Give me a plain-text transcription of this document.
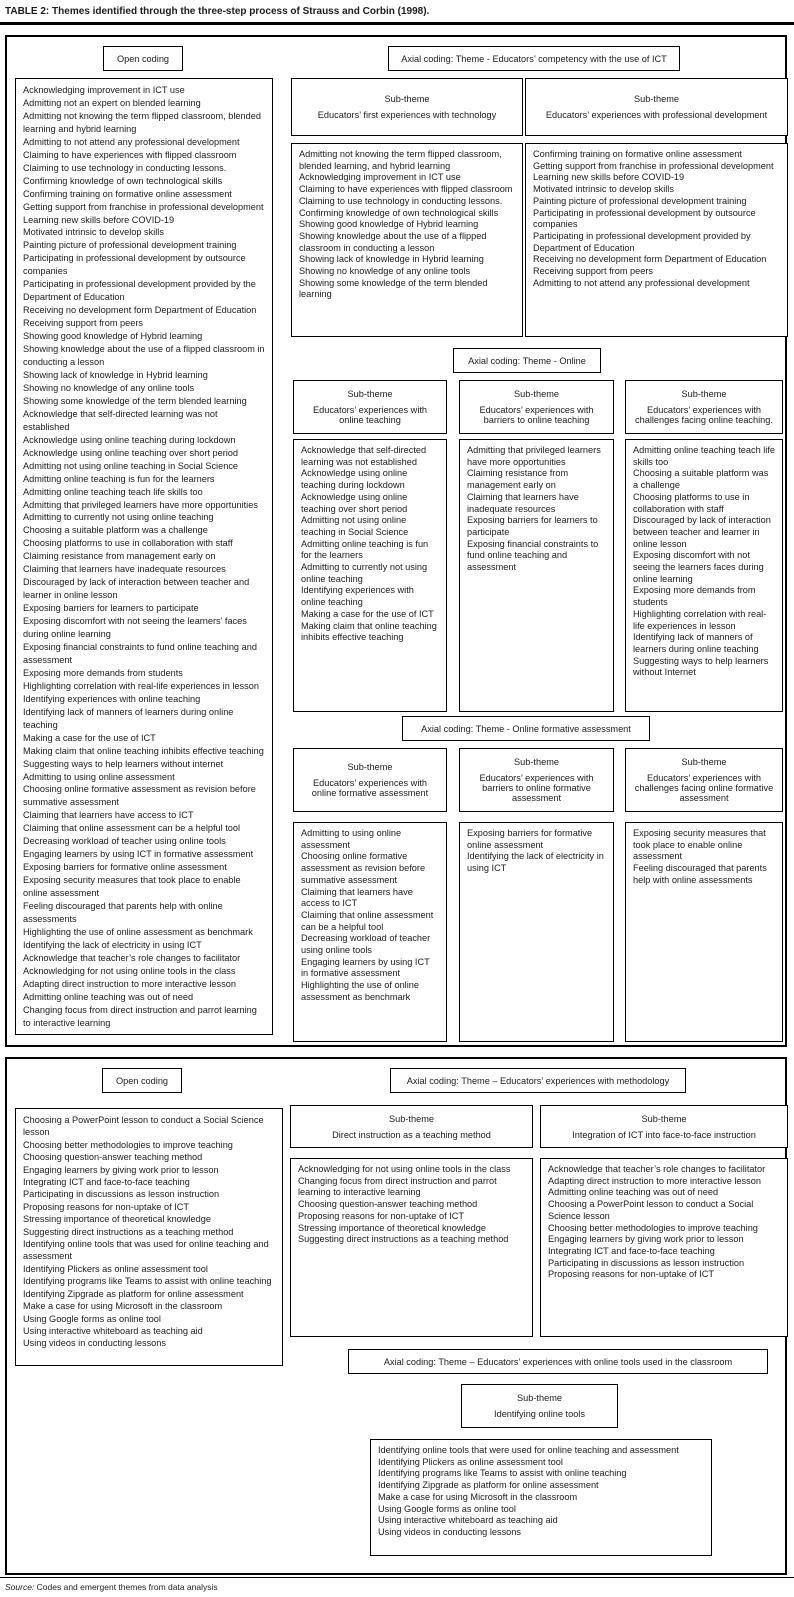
TABLE 2: Themes identified through the three-step process of Strauss and Corbin (1998).
Open coding	Axial coding: Theme - Educators’ competency with the use of ICT
Acknowledging improvement in ICT use
Admitting not an expert on blended learning
Admitting not knowing the term flipped classroom, blended learning and hybrid learning
Admitting to not attend any professional development
Claiming to have experiences with flipped classroom
Claiming to use technology in conducting lessons.
Confirming knowledge of own technological skills
Confirming training on formative online assessment
Getting support from franchise in professional development
Learning new skills before COVID-19
Motivated intrinsic to develop skills
Painting picture of professional development training
Participating in professional development by outsource companies
Participating in professional development provided by the Department of Education
Receiving no development form Department of Education
Receiving support from peers
Showing good knowledge of Hybrid learning
Showing knowledge about the use of a flipped classroom in conducting a lesson
Showing lack of knowledge in Hybrid learning
Showing no knowledge of any online tools
Showing some knowledge of the term blended learning
Acknowledge that self-directed learning was not established
Acknowledge using online teaching during lockdown
Acknowledge using online teaching over short period
Admitting not using online teaching in Social Science
Admitting online teaching is fun for the learners
Admitting online teaching teach life skills too
Admitting that privileged learners have more opportunities
Admitting to currently not using online teaching
Choosing a suitable platform was a challenge
Choosing platforms to use in collaboration with staff
Claiming resistance from management early on
Claiming that learners have inadequate resources
Discouraged by lack of interaction between teacher and learner in online lesson
Exposing barriers for learners to participate
Exposing discomfort with not seeing the learners’ faces during online learning
Exposing financial constraints to fund online teaching and assessment
Exposing more demands from students
Highlighting correlation with real-life experiences in lesson
Identifying experiences with online teaching
Identifying lack of manners of learners during online teaching
Making a case for the use of ICT
Making claim that online teaching inhibits effective teaching
Suggesting ways to help learners without internet
Admitting to using online assessment
Choosing online formative assessment as revision before summative assessment
Claiming that learners have access to ICT
Claiming that online assessment can be a helpful tool
Decreasing workload of teacher using online tools
Engaging learners by using ICT in formative assessment
Exposing barriers for formative online assessment
Exposing security measures that took place to enable online assessment
Feeling discouraged that parents help with online assessments
Highlighting the use of online assessment as benchmark
Identifying the lack of electricity in using ICT
Acknowledge that teacher’s role changes to facilitator
Acknowledging for not using online tools in the class
Adapting direct instruction to more interactive lesson
Admitting online teaching was out of need
Changing focus from direct instruction and parrot learning to interactive learning
Sub-theme
Educators’ first experiences with technology
Sub-theme
Educators’ experiences with professional development
Admitting not knowing the term flipped classroom, blended learning, and hybrid learning
Acknowledging improvement in ICT use
Claiming to have experiences with flipped classroom
Claiming to use technology in conducting lessons.
Confirming knowledge of own technological skills
Showing good knowledge of Hybrid learning
Showing knowledge about the use of a flipped classroom in conducting a lesson
Showing lack of knowledge in Hybrid learning
Showing no knowledge of any online tools
Showing some knowledge of the term blended learning
Confirming training on formative online assessment
Getting support from franchise in professional development
Learning new skills before COVID-19
Motivated intrinsic to develop skills
Painting picture of professional development training
Participating in professional development by outsource companies
Participating in professional development provided by Department of Education
Receiving no development form Department of Education
Receiving support from peers
Admitting to not attend any professional development
Axial coding: Theme - Online
Sub-theme
Educators’ experiences with online teaching
Sub-theme
Educators’ experiences with barriers to online teaching
Sub-theme
Educators’ experiences with challenges facing online teaching.
Acknowledge that self-directed learning was not established
Acknowledge using online teaching during lockdown
Acknowledge using online teaching over short period
Admitting not using online teaching in Social Science
Admitting online teaching is fun for the learners
Admitting to currently not using online teaching
Identifying experiences with online teaching
Making a case for the use of ICT
Making claim that online teaching inhibits effective teaching
Admitting that privileged learners have more opportunities
Claiming resistance from management early on
Claiming that learners have inadequate resources
Exposing barriers for learners to participate
Exposing financial constraints to fund online teaching and assessment
Admitting online teaching teach life skills too
Choosing a suitable platform was a challenge
Choosing platforms to use in collaboration with staff
Discouraged by lack of interaction between teacher and learner in online lesson
Exposing discomfort with not seeing the learners faces during online learning
Exposing more demands from students
Highlighting correlation with real-life experiences in lesson
Identifying lack of manners of learners during online teaching
Suggesting ways to help learners without Internet
Axial coding: Theme - Online formative assessment
Sub-theme
Educators’ experiences with online formative assessment
Sub-theme
Educators’ experiences with barriers to online formative assessment
Sub-theme
Educators’ experiences with challenges facing online formative assessment
Admitting to using online assessment
Choosing online formative assessment as revision before summative assessment
Claiming that learners have access to ICT
Claiming that online assessment can be a helpful tool
Decreasing workload of teacher using online tools
Engaging learners by using ICT in formative assessment
Highlighting the use of online assessment as benchmark
Exposing barriers for formative online assessment
Identifying the lack of electricity in using ICT
Exposing security measures that took place to enable online assessment
Feeling discouraged that parents help with online assessments
Open coding	Axial coding: Theme – Educators’ experiences with methodology
Choosing a PowerPoint lesson to conduct a Social Science lesson
Choosing better methodologies to improve teaching
Choosing question-answer teaching method
Engaging learners by giving work prior to lesson
Integrating ICT and face-to-face teaching
Participating in discussions as lesson instruction
Proposing reasons for non-uptake of ICT
Stressing importance of theoretical knowledge
Suggesting direct instructions as a teaching method
Identifying online tools that was used for online teaching and assessment
Identifying Plickers as online assessment tool
Identifying programs like Teams to assist with online teaching
Identifying Zipgrade as platform for online assessment
Make a case for using Microsoft in the classroom
Using Google forms as online tool
Using interactive whiteboard as teaching aid
Using videos in conducting lessons
Sub-theme
Direct instruction as a teaching method
Sub-theme
Integration of ICT into face-to-face instruction
Acknowledging for not using online tools in the class
Changing focus from direct instruction and parrot learning to interactive learning
Choosing question-answer teaching method
Proposing reasons for non-uptake of ICT
Stressing importance of theoretical knowledge
Suggesting direct instructions as a teaching method
Acknowledge that teacher’s role changes to facilitator
Adapting direct instruction to more interactive lesson
Admitting online teaching was out of need
Choosing a PowerPoint lesson to conduct a Social Science lesson
Choosing better methodologies to improve teaching
Engaging learners by giving work prior to lesson
Integrating ICT and face-to-face teaching
Participating in discussions as lesson instruction
Proposing reasons for non-uptake of ICT
Axial coding: Theme – Educators’ experiences with online tools used in the classroom
Sub-theme
Identifying online tools
Identifying online tools that were used for online teaching and assessment
Identifying Plickers as online assessment tool
Identifying programs like Teams to assist with online teaching
Identifying Zipgrade as platform for online assessment
Make a case for using Microsoft in the classroom
Using Google forms as online tool
Using interactive whiteboard as teaching aid
Using videos in conducting lessons
Source: Codes and emergent themes from data analysis
